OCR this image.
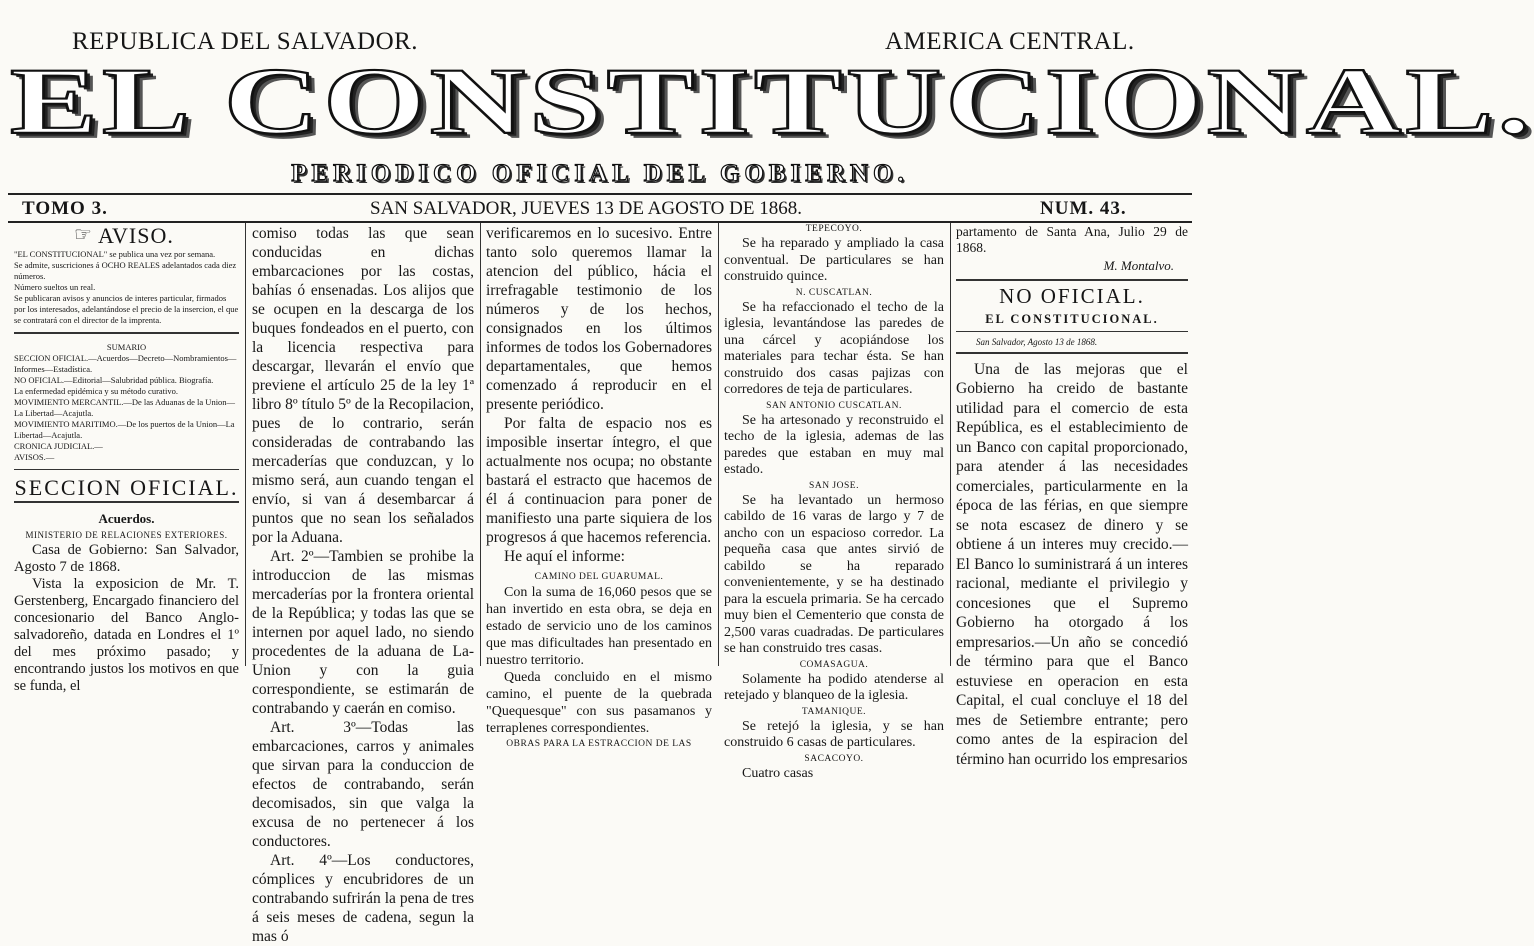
REPUBLICA DEL SALVADOR.	AMERICA CENTRAL.
EL CONSTITUCIONAL.
PERIODICO OFICIAL DEL GOBIERNO.
TOMO 3.	SAN SALVADOR, JUEVES 13 DE AGOSTO DE 1868.	NUM. 43.
☞ AVISO.
"EL CONSTITUCIONAL" se publica una vez por semana.
Se admite, suscriciones á OCHO REALES adelantados cada diez números.
Número sueltos un real.
Se publicaran avisos y anuncios de interes particular, firmados por los interesados, adelantándose el precio de la insercion, el que se contratará con el director de la imprenta.
SUMARIO
SECCION OFICIAL.—Acuerdos—Decreto—Nombramientos—Informes—Estadística.
NO OFICIAL.—Editorial—Salubridad pública. Biografía.
La enfermedad epidémica y su método curativo.
MOVIMIENTO MERCANTIL.—De las Aduanas de la Union—La Libertad—Acajutla.
MOVIMIENTO MARITIMO.—De los puertos de la Union—La Libertad—Acajutla.
CRONICA JUDICIAL.—
AVISOS.—
SECCION OFICIAL.
Acuerdos.
MINISTERIO DE RELACIONES EXTERIORES.

Casa de Gobierno: San Salvador, Agosto 7 de 1868.

Vista la exposicion de Mr. T. Gerstenberg, Encargado financiero del concesionario del Banco Anglo-salvadoreño, datada en Londres el 1º del mes próximo pasado; y encontrando justos los motivos en que se funda, el

comiso todas las que sean conducidas en dichas embarcaciones por las costas, bahías ó ensenadas. Los alijos que se ocupen en la descarga de los buques fondeados en el puerto, con la licencia respectiva para descargar, llevarán el envío que previene el artículo 25 de la ley 1ª libro 8º título 5º de la Recopilacion, pues de lo contrario, serán consideradas de contrabando las mercaderías que conduzcan, y lo mismo será, aun cuando tengan el envío, si van á desembarcar á puntos que no sean los señalados por la Aduana.

Art. 2º—Tambien se prohibe la introduccion de las mismas mercaderías por la frontera oriental de la República; y todas las que se internen por aquel lado, no siendo procedentes de la aduana de La-Union y con la guia correspondiente, se estimarán de contrabando y caerán en comiso.

Art. 3º—Todas las embarcaciones, carros y animales que sirvan para la conduccion de efectos de contrabando, serán decomisados, sin que valga la excusa de no pertenecer á los conductores.

Art. 4º—Los conductores, cómplices y encubridores de un contrabando sufrirán la pena de tres á seis meses de cadena, segun la mas ó

verificaremos en lo sucesivo. Entre tanto solo queremos llamar la atencion del público, hácia el irrefragable testimonio de los números y de los hechos, consignados en los últimos informes de todos los Gobernadores departamentales, que hemos comenzado á reproducir en el presente periódico.

Por falta de espacio nos es imposible insertar íntegro, el que actualmente nos ocupa; no obstante bastará el estracto que hacemos de él á continuacion para poner de manifiesto una parte siquiera de los progresos á que hacemos referencia.

He aquí el informe:

CAMINO DEL GUARUMAL.

Con la suma de 16,060 pesos que se han invertido en esta obra, se deja en estado de servicio uno de los caminos que mas dificultades han presentado en nuestro territorio.

Queda concluido en el mismo camino, el puente de la quebrada "Quequesque" con sus pasamanos y terraplenes correspondientes.

OBRAS PARA LA ESTRACCION DE LAS
TEPECOYO.

Se ha reparado y ampliado la casa conventual. De particulares se han construido quince.

N. CUSCATLAN.

Se ha refaccionado el techo de la iglesia, levantándose las paredes de una cárcel y acopiándose los materiales para techar ésta. Se han construido dos casas pajizas con corredores de teja de particulares.

SAN ANTONIO CUSCATLAN.

Se ha artesonado y reconstruido el techo de la iglesia, ademas de las paredes que estaban en muy mal estado.

SAN JOSE.

Se ha levantado un hermoso cabildo de 16 varas de largo y 7 de ancho con un espacioso corredor. La pequeña casa que antes sirvió de cabildo se ha reparado convenientemente, y se ha destinado para la escuela primaria. Se ha cercado muy bien el Cementerio que consta de 2,500 varas cuadradas. De particulares se han construido tres casas.

COMASAGUA.

Solamente ha podido atenderse al retejado y blanqueo de la iglesia.

TAMANIQUE.

Se retejó la iglesia, y se han construido 6 casas de particulares.

SACACOYO.

Cuatro casas

partamento de Santa Ana, Julio 29 de 1868.
M. Montalvo.
NO OFICIAL.
EL CONSTITUCIONAL.
San Salvador, Agosto 13 de 1868.

Una de las mejoras que el Gobierno ha creido de bastante utilidad para el comercio de esta República, es el establecimiento de un Banco con capital proporcionado, para atender á las necesidades comerciales, particularmente en la época de las férias, en que siempre se nota escasez de dinero y se obtiene á un interes muy crecido.—El Banco lo suministrará á un interes racional, mediante el privilegio y concesiones que el Supremo Gobierno ha otorgado á los empresarios.—Un año se concedió de término para que el Banco estuviese en operacion en esta Capital, el cual concluye el 18 del mes de Setiembre entrante; pero como antes de la espiracion del término han ocurrido los empresarios
